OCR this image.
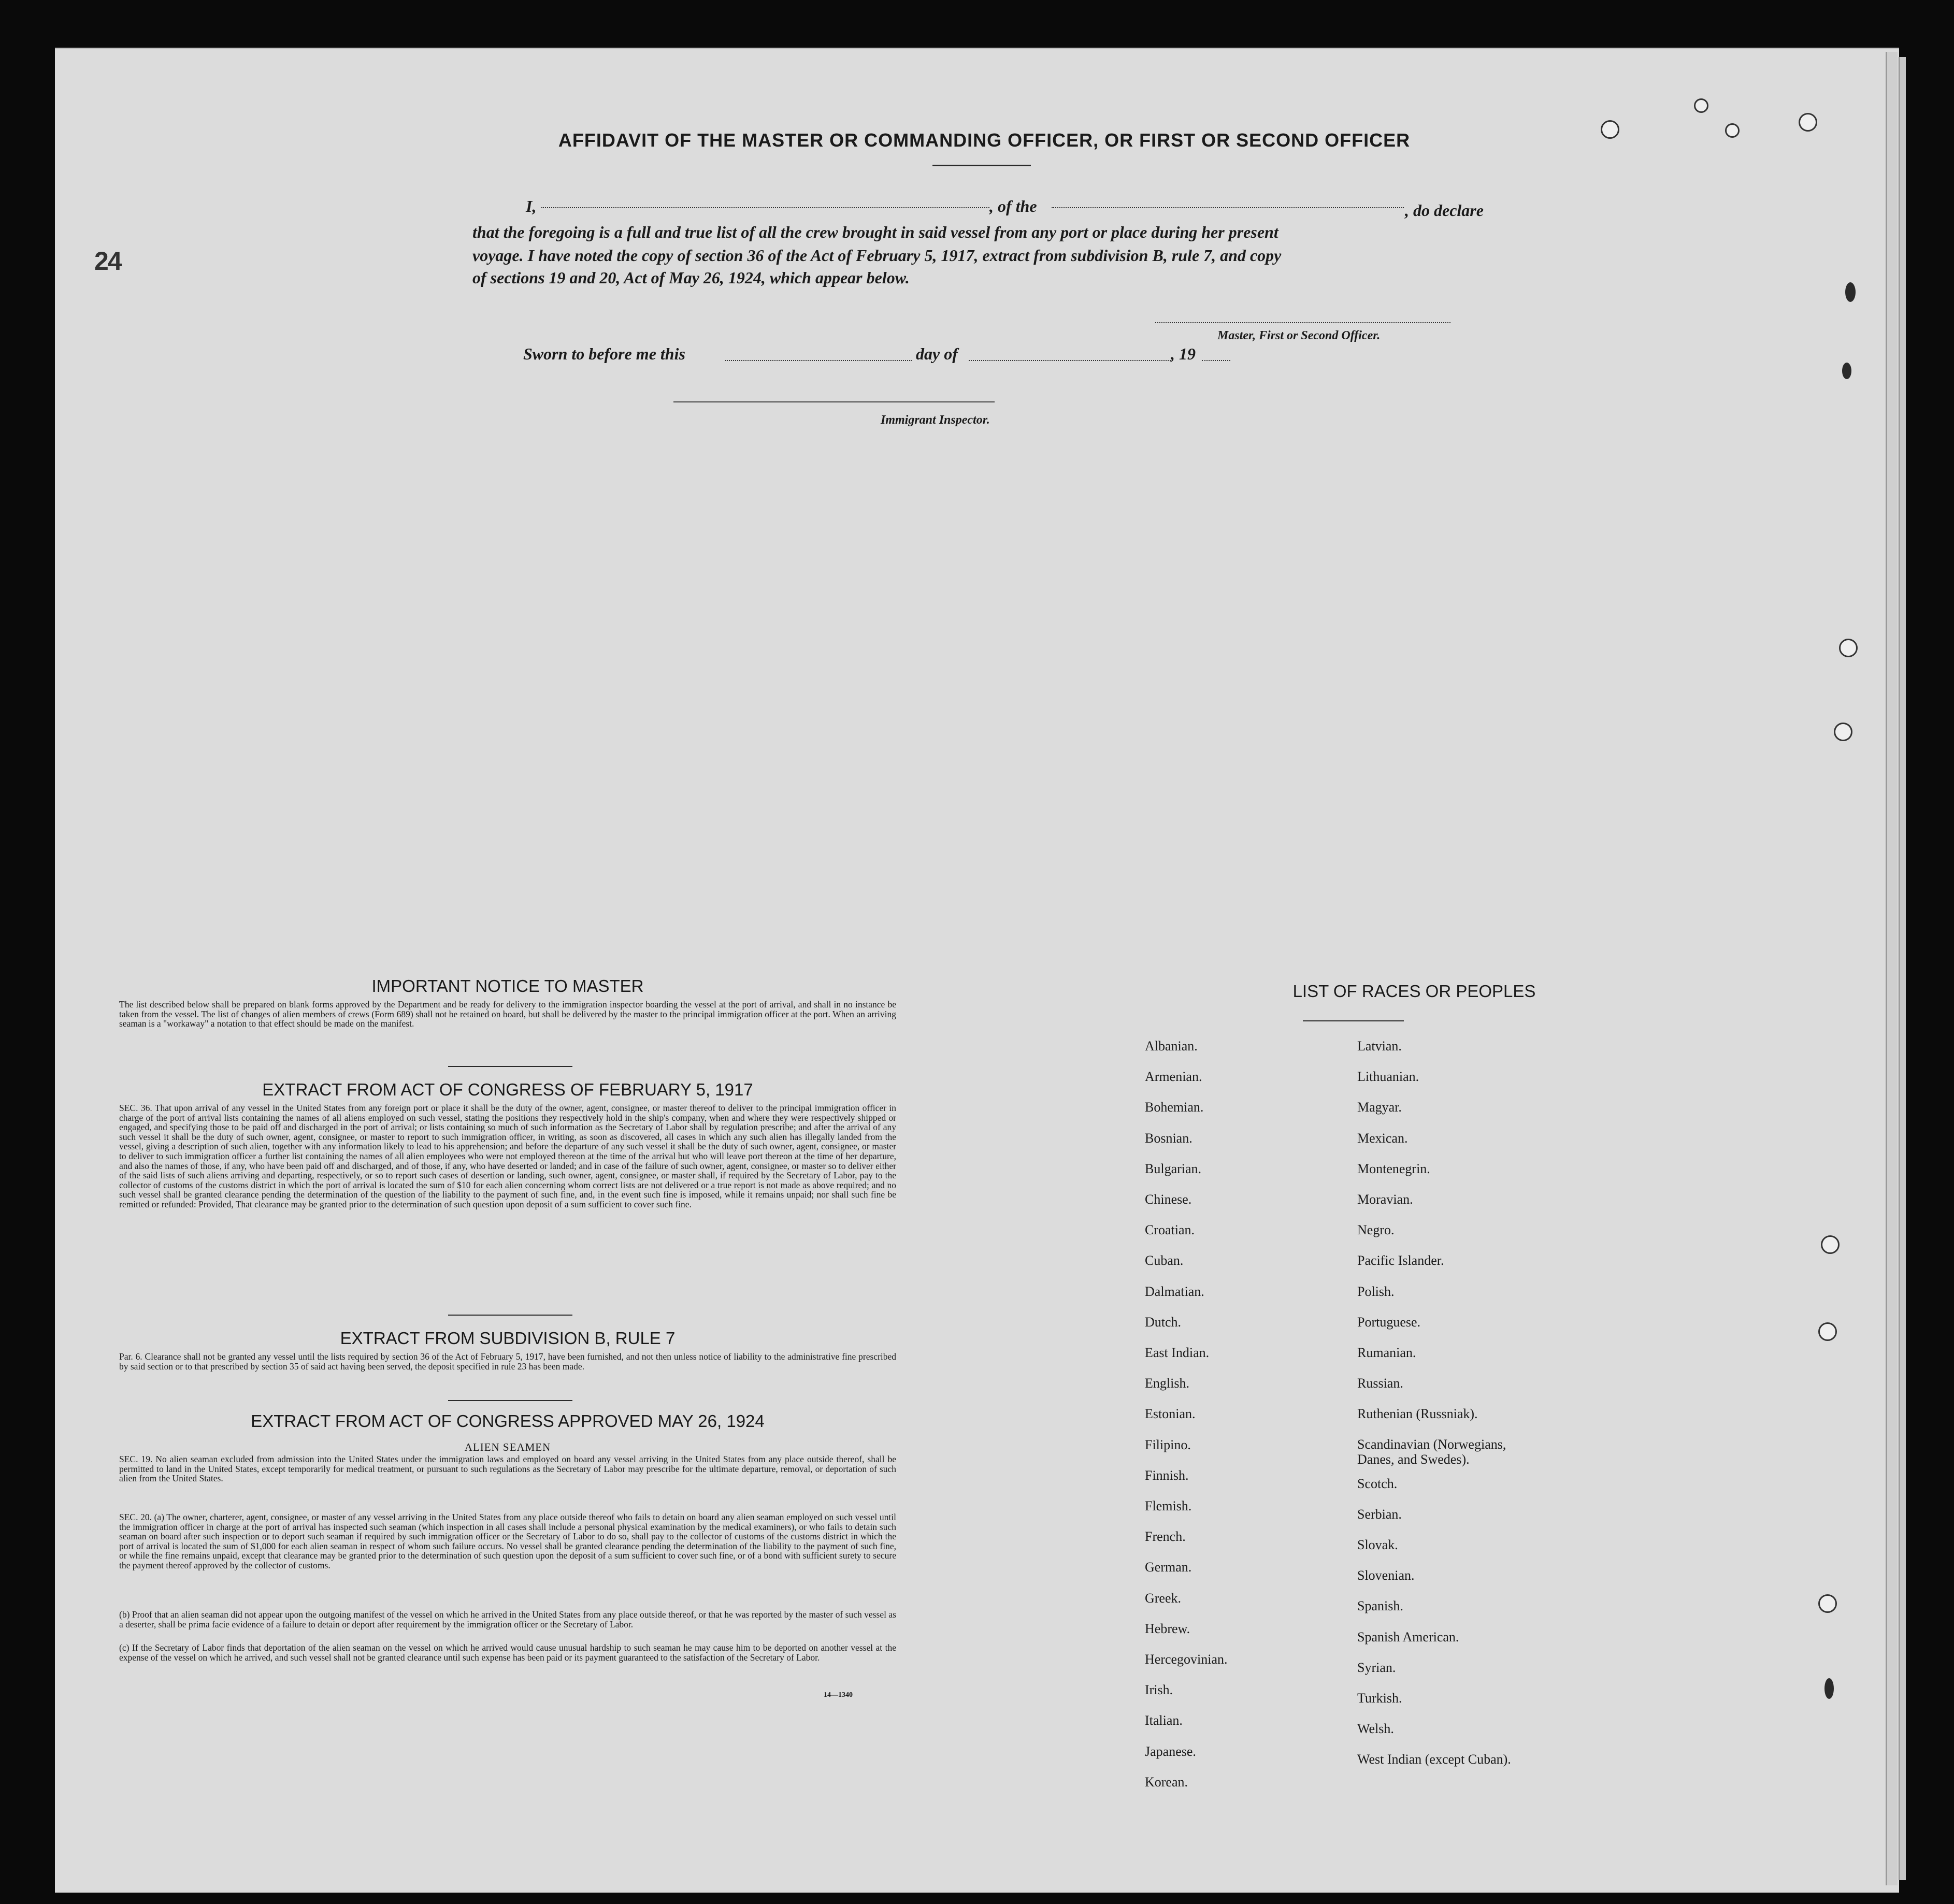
AFFIDAVIT OF THE MASTER OR COMMANDING OFFICER, OR FIRST OR SECOND OFFICER
I,	, of the	, do declare
that the foregoing is a full and true list of all the crew brought in said vessel from any port or place during her present
voyage. I have noted the copy of section 36 of the Act of February 5, 1917, extract from subdivision B, rule 7, and copy
of sections 19 and 20, Act of May 26, 1924, which appear below.
Master, First or Second Officer.
Sworn to before me this	day of	, 19
Immigrant Inspector.
24
IMPORTANT NOTICE TO MASTER
The list described below shall be prepared on blank forms approved by the Department and be ready for delivery to the immigration inspector boarding the vessel at the port of arrival, and shall in no instance be taken from the vessel. The list of changes of alien members of crews (Form 689) shall not be retained on board, but shall be delivered by the master to the principal immigration officer at the port. When an arriving seaman is a "workaway" a notation to that effect should be made on the manifest.
EXTRACT FROM ACT OF CONGRESS OF FEBRUARY 5, 1917
SEC. 36. That upon arrival of any vessel in the United States from any foreign port or place it shall be the duty of the owner, agent, consignee, or master thereof to deliver to the principal immigration officer in charge of the port of arrival lists containing the names of all aliens employed on such vessel, stating the positions they respectively hold in the ship's company, when and where they were respectively shipped or engaged, and specifying those to be paid off and discharged in the port of arrival; or lists containing so much of such information as the Secretary of Labor shall by regulation prescribe; and after the arrival of any such vessel it shall be the duty of such owner, agent, consignee, or master to report to such immigration officer, in writing, as soon as discovered, all cases in which any such alien has illegally landed from the vessel, giving a description of such alien, together with any information likely to lead to his apprehension; and before the departure of any such vessel it shall be the duty of such owner, agent, consignee, or master to deliver to such immigration officer a further list containing the names of all alien employees who were not employed thereon at the time of the arrival but who will leave port thereon at the time of her departure, and also the names of those, if any, who have been paid off and discharged, and of those, if any, who have deserted or landed; and in case of the failure of such owner, agent, consignee, or master so to deliver either of the said lists of such aliens arriving and departing, respectively, or so to report such cases of desertion or landing, such owner, agent, consignee, or master shall, if required by the Secretary of Labor, pay to the collector of customs of the customs district in which the port of arrival is located the sum of $10 for each alien concerning whom correct lists are not delivered or a true report is not made as above required; and no such vessel shall be granted clearance pending the determination of the question of the liability to the payment of such fine, and, in the event such fine is imposed, while it remains unpaid; nor shall such fine be remitted or refunded: Provided, That clearance may be granted prior to the determination of such question upon deposit of a sum sufficient to cover such fine.
EXTRACT FROM SUBDIVISION B, RULE 7
Par. 6. Clearance shall not be granted any vessel until the lists required by section 36 of the Act of February 5, 1917, have been furnished, and not then unless notice of liability to the administrative fine prescribed by said section or to that prescribed by section 35 of said act having been served, the deposit specified in rule 23 has been made.
EXTRACT FROM ACT OF CONGRESS APPROVED MAY 26, 1924
ALIEN SEAMEN
SEC. 19. No alien seaman excluded from admission into the United States under the immigration laws and employed on board any vessel arriving in the United States from any place outside thereof, shall be permitted to land in the United States, except temporarily for medical treatment, or pursuant to such regulations as the Secretary of Labor may prescribe for the ultimate departure, removal, or deportation of such alien from the United States.
SEC. 20. (a) The owner, charterer, agent, consignee, or master of any vessel arriving in the United States from any place outside thereof who fails to detain on board any alien seaman employed on such vessel until the immigration officer in charge at the port of arrival has inspected such seaman (which inspection in all cases shall include a personal physical examination by the medical examiners), or who fails to detain such seaman on board after such inspection or to deport such seaman if required by such immigration officer or the Secretary of Labor to do so, shall pay to the collector of customs of the customs district in which the port of arrival is located the sum of $1,000 for each alien seaman in respect of whom such failure occurs. No vessel shall be granted clearance pending the determination of the liability to the payment of such fine, or while the fine remains unpaid, except that clearance may be granted prior to the determination of such question upon the deposit of a sum sufficient to cover such fine, or of a bond with sufficient surety to secure the payment thereof approved by the collector of customs.
(b) Proof that an alien seaman did not appear upon the outgoing manifest of the vessel on which he arrived in the United States from any place outside thereof, or that he was reported by the master of such vessel as a deserter, shall be prima facie evidence of a failure to detain or deport after requirement by the immigration officer or the Secretary of Labor.
(c) If the Secretary of Labor finds that deportation of the alien seaman on the vessel on which he arrived would cause unusual hardship to such seaman he may cause him to be deported on another vessel at the expense of the vessel on which he arrived, and such vessel shall not be granted clearance until such expense has been paid or its payment guaranteed to the satisfaction of the Secretary of Labor.
14—1340
LIST OF RACES OR PEOPLES
Albanian.
Armenian.
Bohemian.
Bosnian.
Bulgarian.
Chinese.
Croatian.
Cuban.
Dalmatian.
Dutch.
East Indian.
English.
Estonian.
Filipino.
Finnish.
Flemish.
French.
German.
Greek.
Hebrew.
Hercegovinian.
Irish.
Italian.
Japanese.
Korean.
Latvian.
Lithuanian.
Magyar.
Mexican.
Montenegrin.
Moravian.
Negro.
Pacific Islander.
Polish.
Portuguese.
Rumanian.
Russian.
Ruthenian (Russniak).
Scandinavian (Norwegians,
Danes, and Swedes).
Scotch.
Serbian.
Slovak.
Slovenian.
Spanish.
Spanish American.
Syrian.
Turkish.
Welsh.
West Indian (except Cuban).
